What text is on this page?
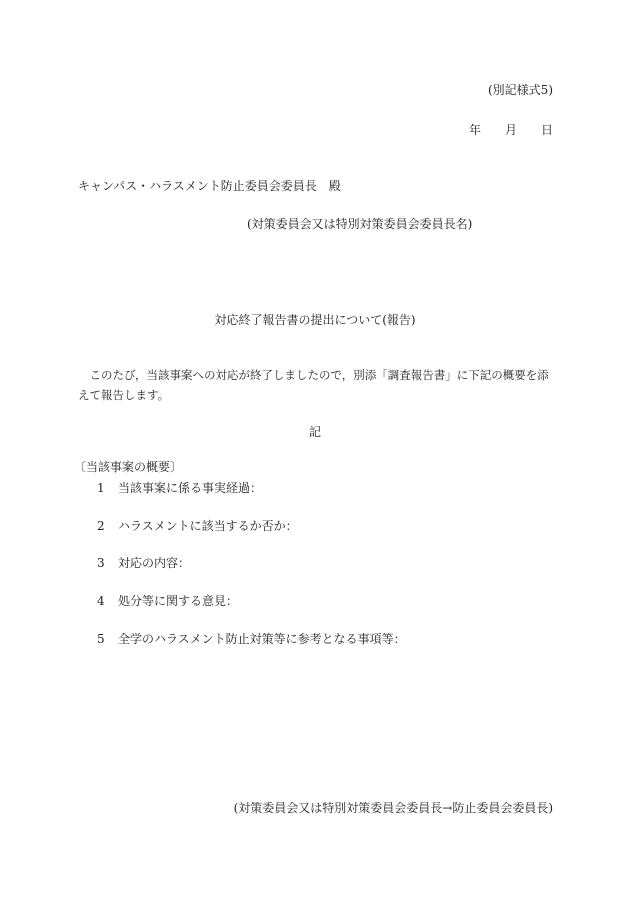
(別記様式5)
年　　月　　日
キャンパス・ハラスメント防止委員会委員長　殿
(対策委員会又は特別対策委員会委員長名)
対応終了報告書の提出について(報告)
　このたび，当該事案への対応が終了しましたので，別添「調査報告書」に下記の概要を添
えて報告します。
記
〔当該事案の概要〕
1 当該事案に係る事実経過：
2 ハラスメントに該当するか否か：
3 対応の内容：
4 処分等に関する意見：
5 全学のハラスメント防止対策等に参考となる事項等：
(対策委員会又は特別対策委員会委員長→防止委員会委員長)
